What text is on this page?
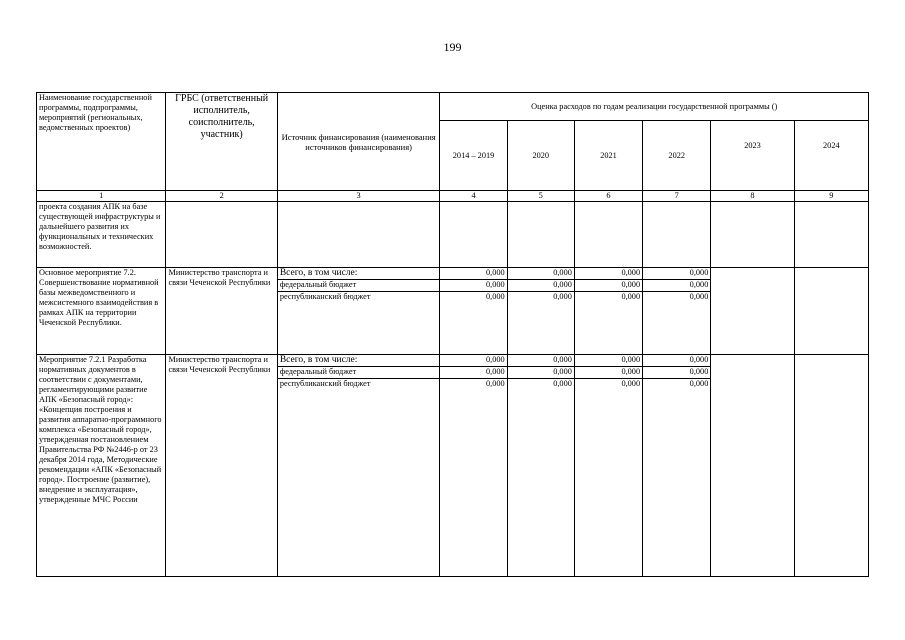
199
Наименование государственной программы, подпрограммы, мероприятий (региональных, ведомственных проектов)	ГРБС (ответственный исполнитель, соисполнитель, участник)	Источник финансирования (наименования источников финансирования)	Оценка расходов по годам реализации государственной программы ()					
			2014 – 2019	2020	2021	2022	2023	2024
1	2	3	4	5	6	7	8	9
проекта создания АПК на базе существующей инфраструктуры и дальнейшего развития их функциональных и технических возможностей.								
Основное мероприятие 7.2. Совершенствование нормативной базы межведомственного и межсистемного взаимодействия в рамках АПК на территории Чеченской Республики.	Министерство транспорта и связи Чеченской Республики	Всего, в том числе:	0,000	0,000	0,000	0,000		
		федеральный бюджет	0,000	0,000	0,000	0,000		
		республиканский бюджет	0,000	0,000	0,000	0,000		
Мероприятие 7.2.1 Разработка нормативных документов в соответствии с документами, регламентирующими развитие АПК «Безопасный город»: «Концепция построения и развития аппаратно-программного комплекса «Безопасный город», утвержденная постановлением Правительства РФ №2446-р от 23 декабря 2014 года, Методические рекомендации «АПК «Безопасный город». Построение (развитие), внедрение и эксплуатация», утвержденные МЧС России	Министерство транспорта и связи Чеченской Республики	Всего, в том числе:	0,000	0,000	0,000	0,000		
		федеральный бюджет	0,000	0,000	0,000	0,000		
		республиканский бюджет	0,000	0,000	0,000	0,000		
